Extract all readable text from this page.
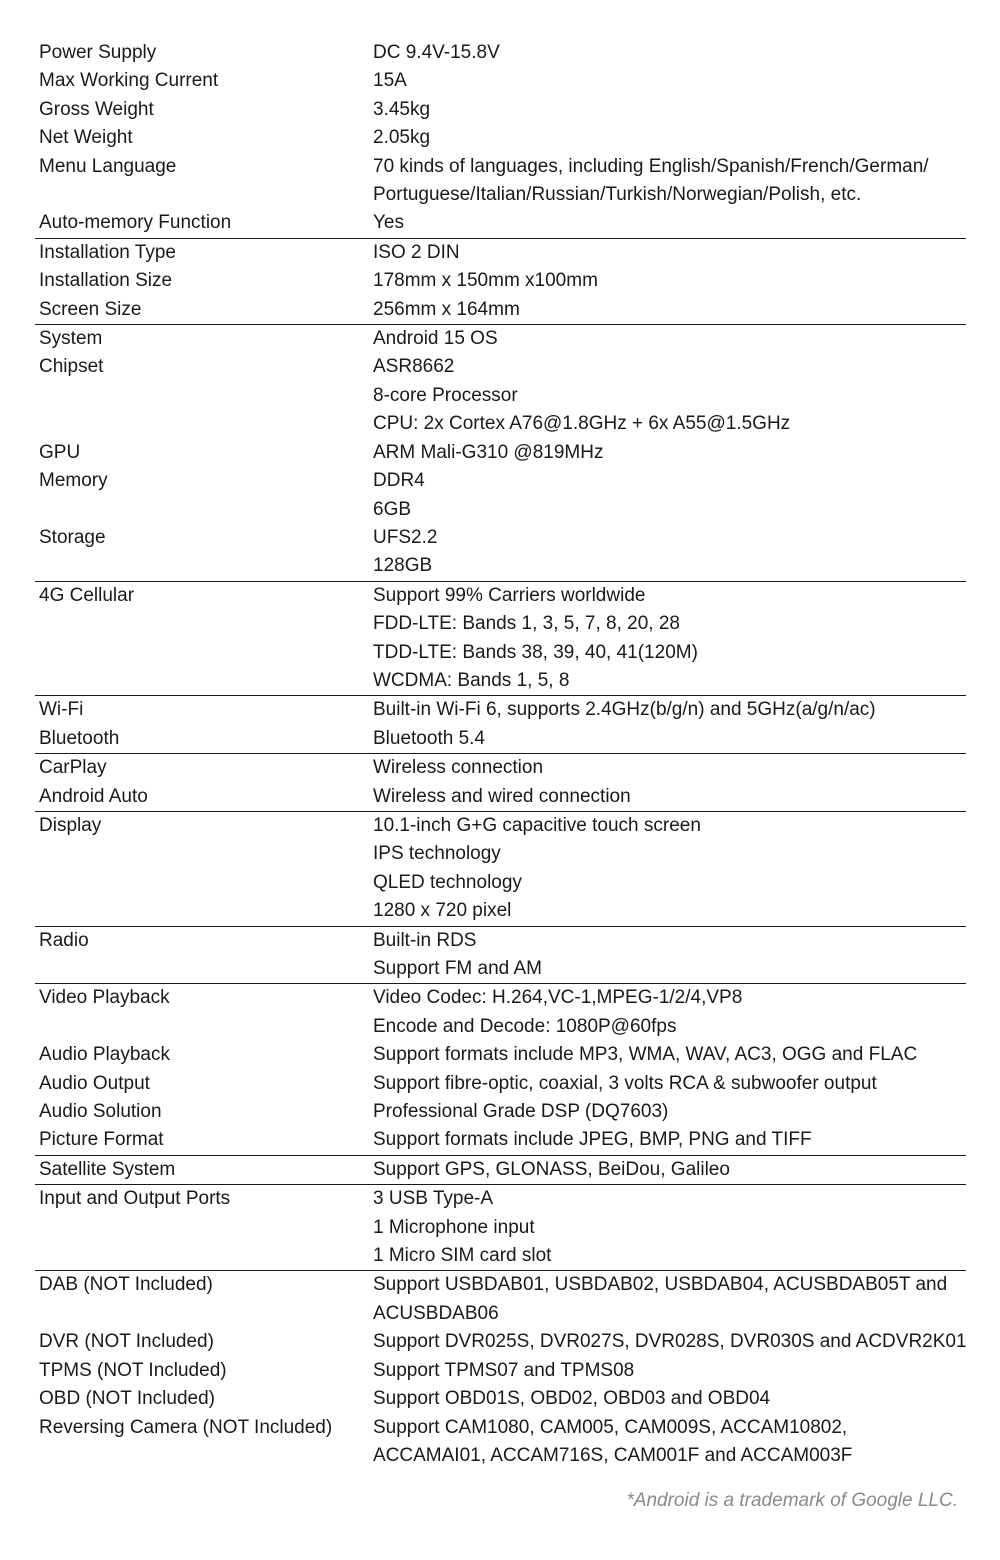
Power Supply	DC 9.4V-15.8V
Max Working Current	15A
Gross Weight	3.45kg
Net Weight	2.05kg
Menu Language	70 kinds of languages, including English/Spanish/French/German/
Portuguese/Italian/Russian/Turkish/Norwegian/Polish, etc.
Auto-memory Function	Yes
Installation Type	ISO 2 DIN
Installation Size	178mm x 150mm x100mm
Screen Size	256mm x 164mm
System	Android 15 OS
Chipset	ASR8662
8-core Processor
CPU: 2x Cortex A76@1.8GHz + 6x A55@1.5GHz
GPU	ARM Mali-G310 @819MHz
Memory	DDR4
6GB
Storage	UFS2.2
128GB
4G Cellular	Support 99% Carriers worldwide
FDD-LTE: Bands 1, 3, 5, 7, 8, 20, 28
TDD-LTE: Bands 38, 39, 40, 41(120M)
WCDMA: Bands 1, 5, 8
Wi-Fi	Built-in Wi-Fi 6, supports 2.4GHz(b/g/n) and 5GHz(a/g/n/ac)
Bluetooth	Bluetooth 5.4
CarPlay	Wireless connection
Android Auto	Wireless and wired connection
Display	10.1-inch G+G capacitive touch screen
IPS technology
QLED technology
1280 x 720 pixel
Radio	Built-in RDS
Support FM and AM
Video Playback	Video Codec: H.264,VC-1,MPEG-1/2/4,VP8
Encode and Decode: 1080P@60fps
Audio Playback	Support formats include MP3, WMA, WAV, AC3, OGG and FLAC
Audio Output	Support fibre-optic, coaxial, 3 volts RCA & subwoofer output
Audio Solution	Professional Grade DSP (DQ7603)
Picture Format	Support formats include JPEG, BMP, PNG and TIFF
Satellite System	Support GPS, GLONASS, BeiDou, Galileo
Input and Output Ports	3 USB Type-A
1 Microphone input
1 Micro SIM card slot
DAB (NOT Included)	Support USBDAB01, USBDAB02, USBDAB04, ACUSBDAB05T and
ACUSBDAB06
DVR (NOT Included)	Support DVR025S, DVR027S, DVR028S, DVR030S and ACDVR2K01
TPMS (NOT Included)	Support TPMS07 and TPMS08
OBD (NOT Included)	Support OBD01S, OBD02, OBD03 and OBD04
Reversing Camera (NOT Included)	Support CAM1080, CAM005, CAM009S, ACCAM10802,
ACCAMAI01, ACCAM716S, CAM001F and ACCAM003F
*Android is a trademark of Google LLC.
